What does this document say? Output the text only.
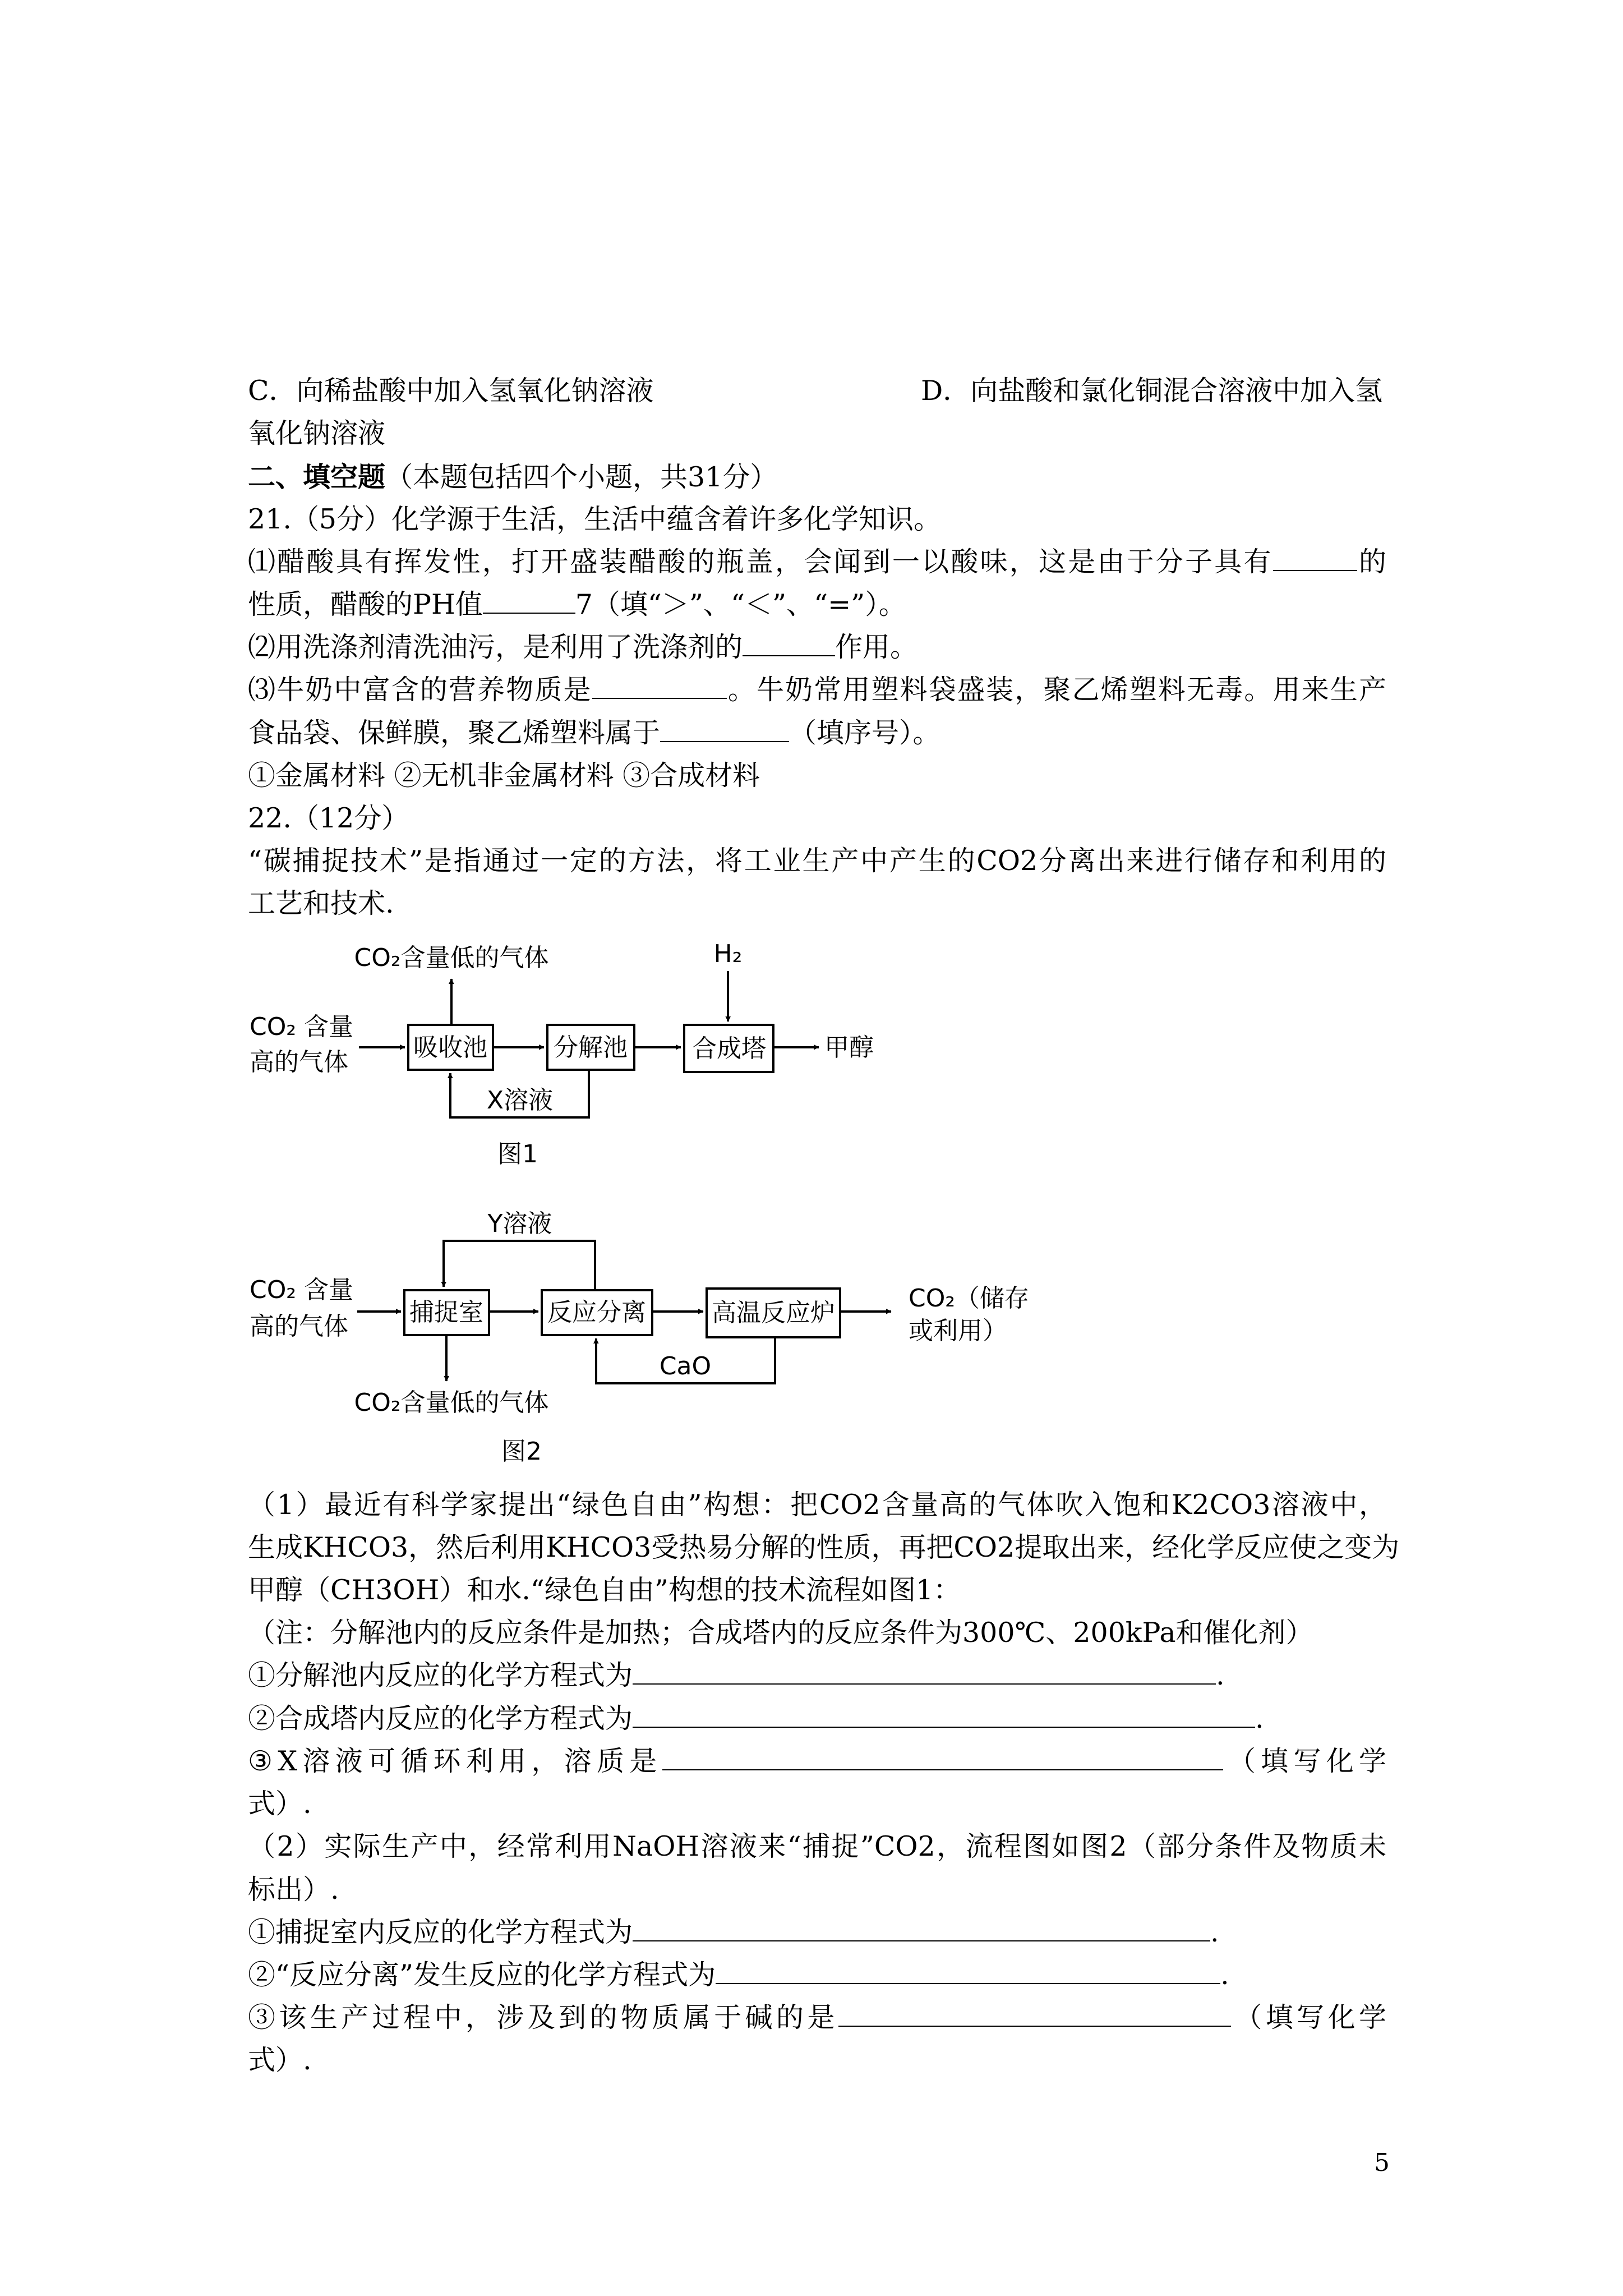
C．向稀盐酸中加入氢氧化钠溶液	D．向盐酸和氯化铜混合溶液中加入氢
氧化钠溶液
二、填空题（本题包括四个小题，共31分）
21.（5分）化学源于生活，生活中蕴含着许多化学知识。
⑴醋酸具有挥发性，打开盛装醋酸的瓶盖，会闻到一以酸味，这是由于分子具有	的
性质，醋酸的PH值	7（填“＞”、“＜”、“=”）。
⑵用洗涤剂清洗油污，是利用了洗涤剂的	作用。
⑶牛奶中富含的营养物质是	。牛奶常用塑料袋盛装，聚乙烯塑料无毒。用来生产
食品袋、保鲜膜，聚乙烯塑料属于	（填序号）。
①金属材料 ②无机非金属材料 ③合成材料
22.（12分）
“碳捕捉技术”是指通过一定的方法，将工业生产中产生的CO2分离出来进行储存和利用的
工艺和技术.
CO₂含量低的气体
CO₂ 含量
高的气体
吸收池	分解池	合成塔
H₂
甲醇
X溶液
图1
Y溶液
CO₂ 含量
高的气体 捕捉室	反应分离	高温反应炉
CO₂（储存
或利用）
CaO
CO₂含量低的气体
图2
（1）最近有科学家提出“绿色自由”构想：把CO2含量高的气体吹入饱和K2CO3溶液中，
生成KHCO3，然后利用KHCO3受热易分解的性质，再把CO2提取出来，经化学反应使之变为
甲醇（CH3OH）和水.“绿色自由”构想的技术流程如图1：
（注：分解池内的反应条件是加热；合成塔内的反应条件为300℃、200kPa和催化剂）
①分解池内反应的化学方程式为	.
②合成塔内反应的化学方程式为	.
③X溶液可循环利用，溶质是	（填写化学
式）.
（2）实际生产中，经常利用NaOH溶液来“捕捉”CO2，流程图如图2（部分条件及物质未
标出）.
①捕捉室内反应的化学方程式为	.
②“反应分离”发生反应的化学方程式为	.
③该生产过程中，涉及到的物质属于碱的是	（填写化学
式）.
5
